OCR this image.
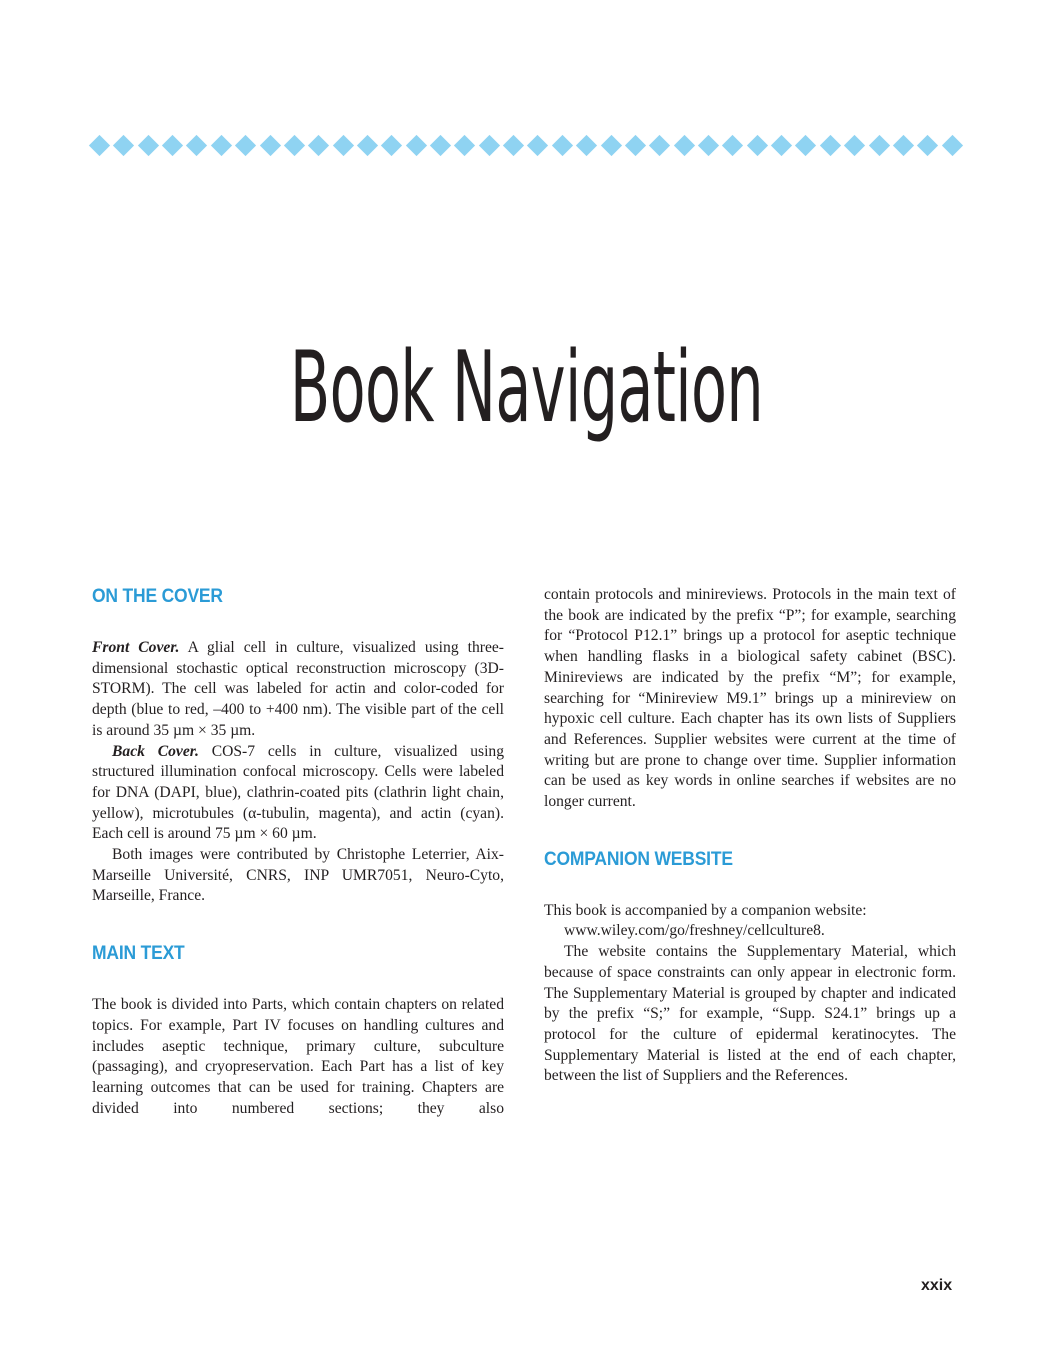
Book Navigation
ON THE COVER

Front Cover. A glial cell in culture, visualized using three-dimensional stochastic optical reconstruction microscopy (3D-STORM). The cell was labeled for actin and color-coded for depth (blue to red, –400 to +400 nm). The visible part of the cell is around 35 µm × 35 µm.

Back Cover. COS-7 cells in culture, visualized using structured illumination confocal microscopy. Cells were labeled for DNA (DAPI, blue), clathrin-coated pits (clathrin light chain, yellow), microtubules (α-tubulin, magenta), and actin (cyan). Each cell is around 75 µm × 60 µm.

Both images were contributed by Christophe Leterrier, Aix-Marseille Université, CNRS, INP UMR7051, Neuro-Cyto, Marseille, France.

MAIN TEXT

The book is divided into Parts, which contain chapters on related topics. For example, Part IV focuses on handling cultures and includes aseptic technique, primary culture, subculture (passaging), and cryopreservation. Each Part has a list of key learning outcomes that can be used for training. Chapters are divided into numbered sections; they also

contain protocols and minireviews. Protocols in the main text of the book are indicated by the prefix “P”; for example, searching for “Protocol P12.1” brings up a protocol for aseptic technique when handling flasks in a biological safety cabinet (BSC). Minireviews are indicated by the prefix “M”; for example, searching for “Minireview M9.1” brings up a minireview on hypoxic cell culture. Each chapter has its own lists of Suppliers and References. Supplier websites were current at the time of writing but are prone to change over time. Supplier information can be used as key words in online searches if websites are no longer current.

COMPANION WEBSITE

This book is accompanied by a companion website:

www.wiley.com/go/freshney/cellculture8.

The website contains the Supplementary Material, which because of space constraints can only appear in electronic form. The Supplementary Material is grouped by chapter and indicated by the prefix “S;” for example, “Supp. S24.1” brings up a protocol for the culture of epidermal keratinocytes. The Supplementary Material is listed at the end of each chapter, between the list of Suppliers and the References.

xxix
